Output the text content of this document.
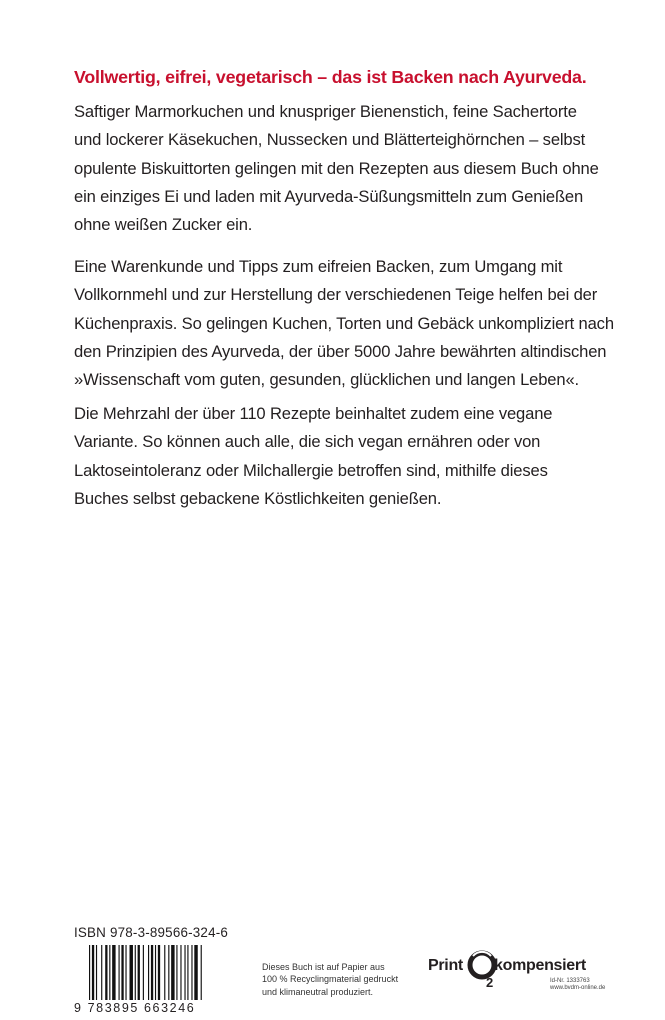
Vollwertig, eifrei, vegetarisch – das ist Backen nach Ayurveda.
Saftiger Marmorkuchen und knuspriger Bienenstich, feine Sachertorte
und lockerer Käsekuchen, Nussecken und Blätterteighörnchen – selbst
opulente Biskuittorten gelingen mit den Rezepten aus diesem Buch ohne
ein einziges Ei und laden mit Ayurveda-Süßungsmitteln zum Genießen
ohne weißen Zucker ein.
Eine Warenkunde und Tipps zum eifreien Backen, zum Umgang mit
Vollkornmehl und zur Herstellung der verschiedenen Teige helfen bei der
Küchenpraxis. So gelingen Kuchen, Torten und Gebäck unkompliziert nach
den Prinzipien des Ayurveda, der über 5000 Jahre bewährten altindischen
»Wissenschaft vom guten, gesunden, glücklichen und langen Leben«.
Die Mehrzahl der über 110 Rezepte beinhaltet zudem eine vegane
Variante. So können auch alle, die sich vegan ernähren oder von
Laktoseintoleranz oder Milchallergie betroffen sind, mithilfe dieses
Buches selbst gebackene Köstlichkeiten genießen.
ISBN 978-3-89566-324-6
9 783895 663246
Dieses Buch ist auf Papier aus
100 % Recyclingmaterial gedruckt
und klimaneutral produziert.
Print
2
kompensiert
Id-Nr. 1333763
www.bvdm-online.de
